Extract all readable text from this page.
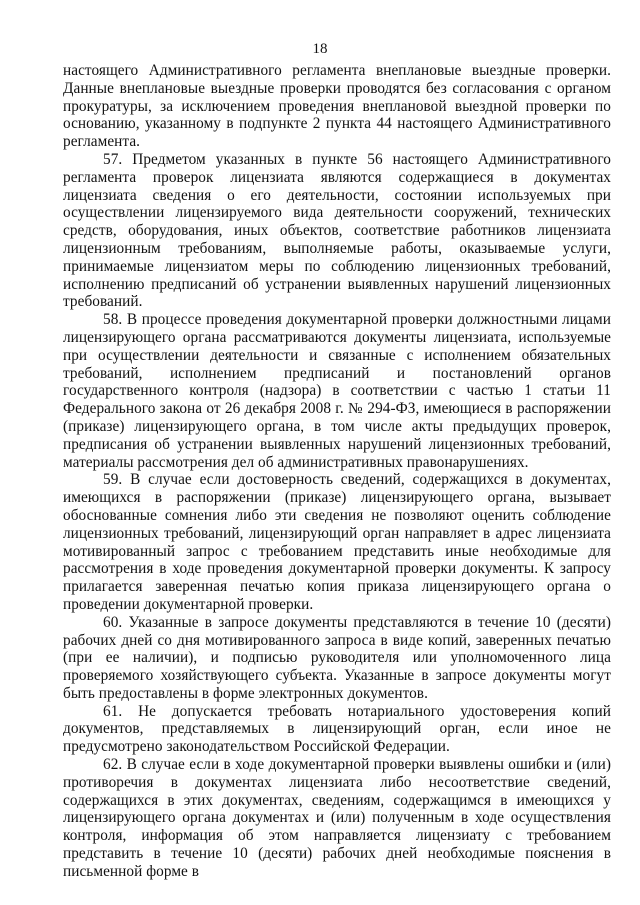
18

настоящего Административного регламента внеплановые выездные проверки. Данные внеплановые выездные проверки проводятся без согласования с органом прокуратуры, за исключением проведения внеплановой выездной проверки по основанию, указанному в подпункте 2 пункта 44 настоящего Административного регламента.

57. Предметом указанных в пункте 56 настоящего Административного регламента проверок лицензиата являются содержащиеся в документах лицензиата сведения о его деятельности, состоянии используемых при осуществлении лицензируемого вида деятельности сооружений, технических средств, оборудования, иных объектов, соответствие работников лицензиата лицензионным требованиям, выполняемые работы, оказываемые услуги, принимаемые лицензиатом меры по соблюдению лицензионных требований, исполнению предписаний об устранении выявленных нарушений лицензионных требований.

58. В процессе проведения документарной проверки должностными лицами лицензирующего органа рассматриваются документы лицензиата, используемые при осуществлении деятельности и связанные с исполнением обязательных требований, исполнением предписаний и постановлений органов государственного контроля (надзора) в соответствии с частью 1 статьи 11 Федерального закона от 26 декабря 2008 г. № 294-ФЗ, имеющиеся в распоряжении (приказе) лицензирующего органа, в том числе акты предыдущих проверок, предписания об устранении выявленных нарушений лицензионных требований, материалы рассмотрения дел об административных правонарушениях.

59. В случае если достоверность сведений, содержащихся в документах, имеющихся в распоряжении (приказе) лицензирующего органа, вызывает обоснованные сомнения либо эти сведения не позволяют оценить соблюдение лицензионных требований, лицензирующий орган направляет в адрес лицензиата мотивированный запрос с требованием представить иные необходимые для рассмотрения в ходе проведения документарной проверки документы. К запросу прилагается заверенная печатью копия приказа лицензирующего органа о проведении документарной проверки.

60. Указанные в запросе документы представляются в течение 10 (десяти) рабочих дней со дня мотивированного запроса в виде копий, заверенных печатью (при ее наличии), и подписью руководителя или уполномоченного лица проверяемого хозяйствующего субъекта. Указанные в запросе документы могут быть предоставлены в форме электронных документов.

61. Не допускается требовать нотариального удостоверения копий документов, представляемых в лицензирующий орган, если иное не предусмотрено законодательством Российской Федерации.

62. В случае если в ходе документарной проверки выявлены ошибки и (или) противоречия в документах лицензиата либо несоответствие сведений, содержащихся в этих документах, сведениям, содержащимся в имеющихся у лицензирующего органа документах и (или) полученным в ходе осуществления контроля, информация об этом направляется лицензиату с требованием представить в течение 10 (десяти) рабочих дней необходимые пояснения в письменной форме в
